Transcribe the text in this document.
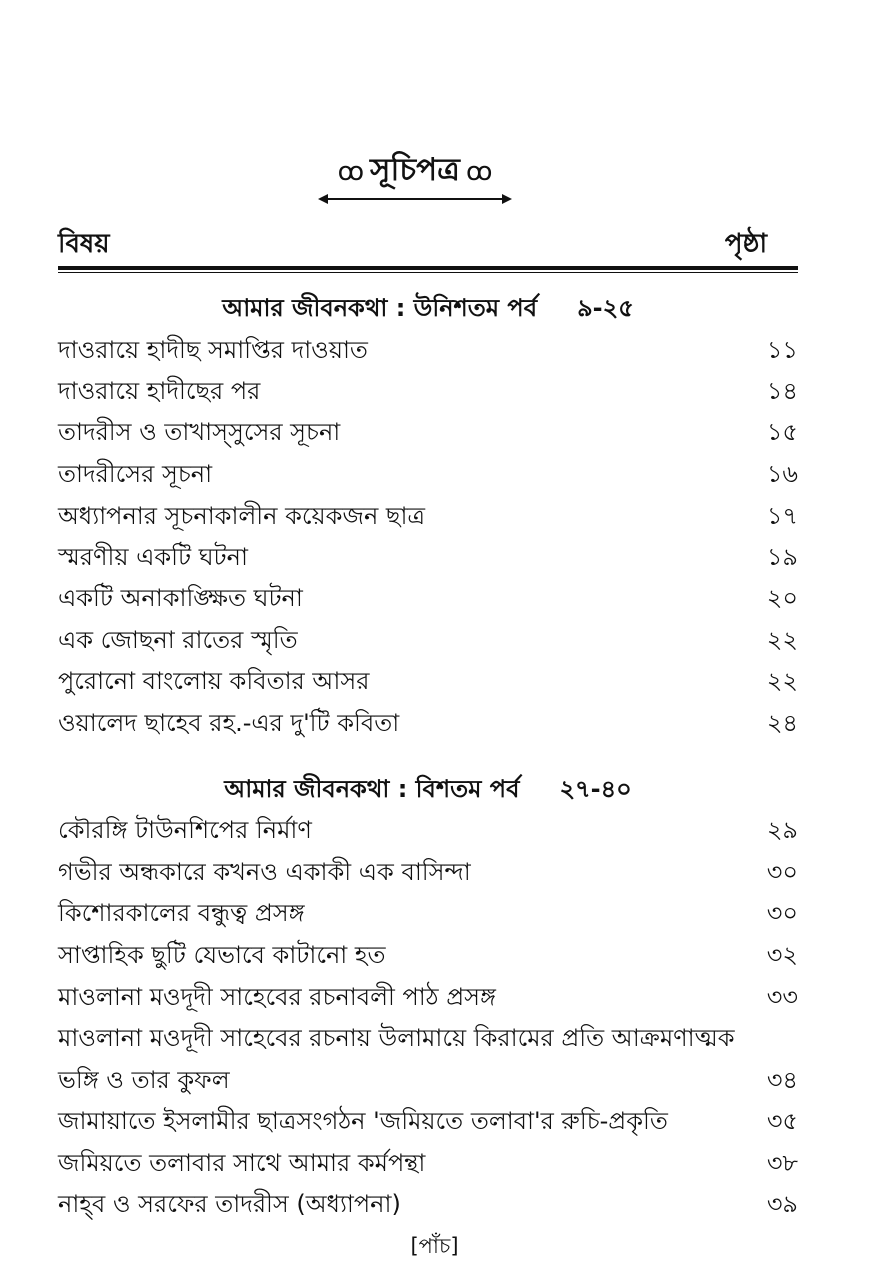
ꝏ সূচিপত্র ꝏ
বিষয়	পৃষ্ঠা
আমার জীবনকথা : উনিশতম পর্ব ৯-২৫
দাওরায়ে হাদীছ সমাপ্তির দাওয়াত	১১
দাওরায়ে হাদীছের পর	১৪
তাদরীস ও তাখাস্‌সুসের সূচনা	১৫
তাদরীসের সূচনা	১৬
অধ্যাপনার সূচনাকালীন কয়েকজন ছাত্র	১৭
স্মরণীয় একটি ঘটনা	১৯
একটি অনাকাঙ্ক্ষিত ঘটনা	২০
এক জোছনা রাতের স্মৃতি	২২
পুরোনো বাংলোয় কবিতার আসর	২২
ওয়ালেদ ছাহেব রহ.-এর দু'টি কবিতা	২৪
আমার জীবনকথা : বিশতম পর্ব ২৭-৪০
কৌরঙ্গি টাউনশিপের নির্মাণ	২৯
গভীর অন্ধকারে কখনও একাকী এক বাসিন্দা	৩০
কিশোরকালের বন্ধুত্ব প্রসঙ্গ	৩০
সাপ্তাহিক ছুটি যেভাবে কাটানো হত	৩২
মাওলানা মওদূদী সাহেবের রচনাবলী পাঠ প্রসঙ্গ	৩৩
মাওলানা মওদূদী সাহেবের রচনায় উলামায়ে কিরামের প্রতি আক্রমণাত্মক
ভঙ্গি ও তার কুফল	৩৪
জামায়াতে ইসলামীর ছাত্রসংগঠন 'জমিয়তে তলাবা'র রুচি-প্রকৃতি	৩৫
জমিয়তে তলাবার সাথে আমার কর্মপন্থা	৩৮
নাহ্‌ব ও সরফের তাদরীস (অধ্যাপনা)	৩৯
[পাঁচ]
